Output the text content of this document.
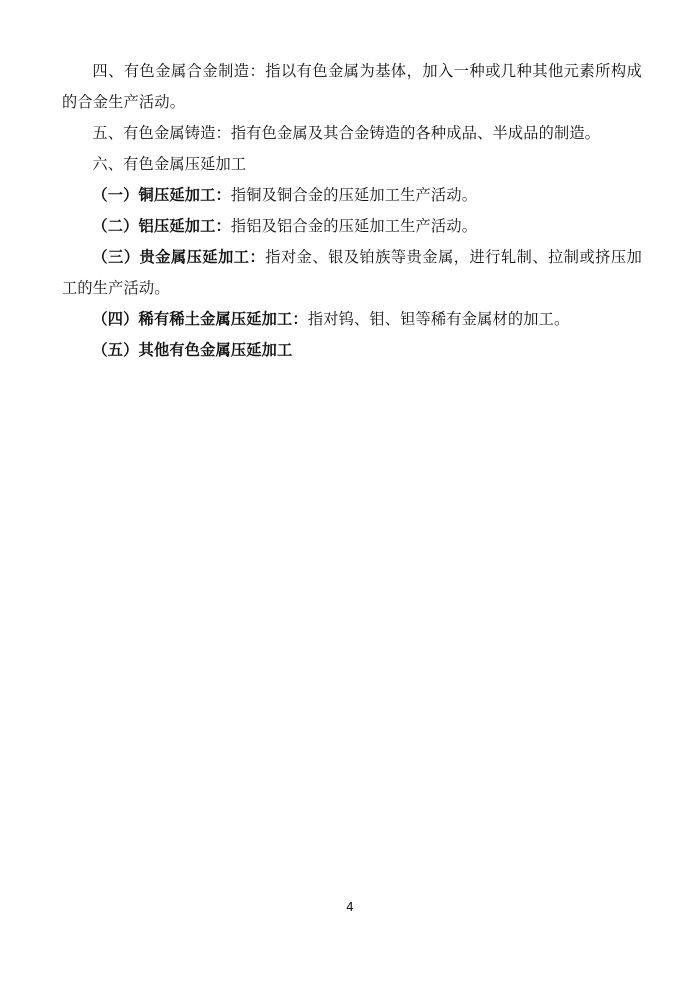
四、有色金属合金制造：指以有色金属为基体，加入一种或几种其他元素所构成的合金生产活动。

五、有色金属铸造：指有色金属及其合金铸造的各种成品、半成品的制造。

六、有色金属压延加工

（一）铜压延加工：指铜及铜合金的压延加工生产活动。

（二）铝压延加工：指铝及铝合金的压延加工生产活动。

（三）贵金属压延加工：指对金、银及铂族等贵金属，进行轧制、拉制或挤压加工的生产活动。

（四）稀有稀土金属压延加工：指对钨、钼、钽等稀有金属材的加工。

（五）其他有色金属压延加工

4
